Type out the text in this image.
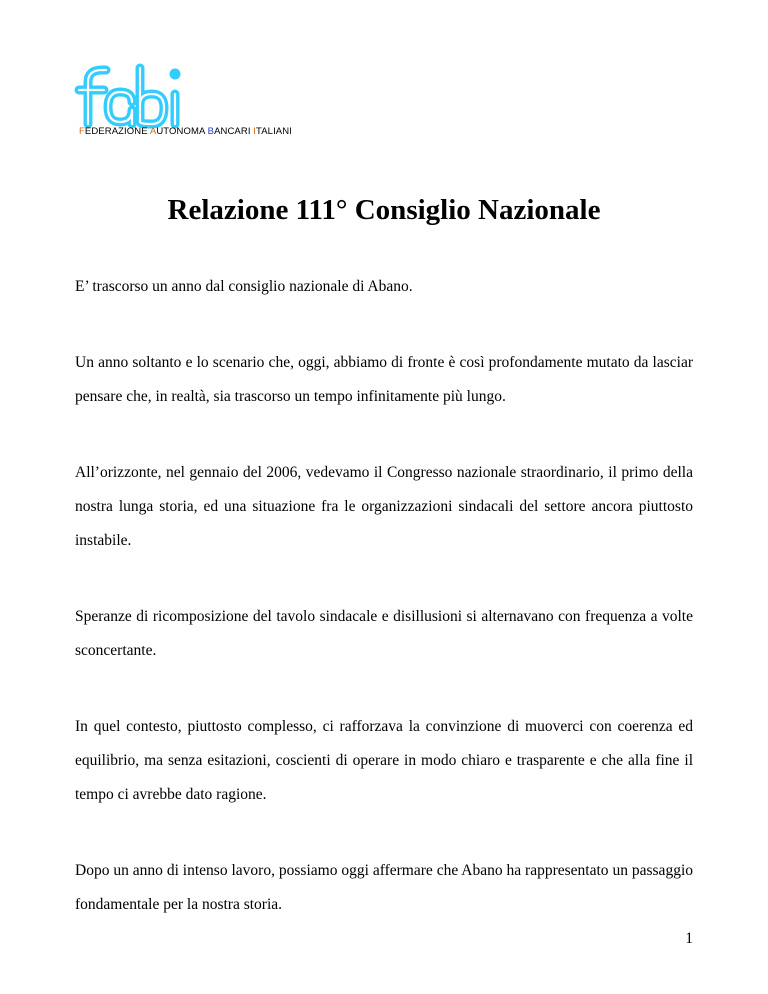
FEDERAZIONE AUTONOMA BANCARI ITALIANI
Relazione 111° Consiglio Nazionale

E’ trascorso un anno dal consiglio nazionale di Abano.

Un anno soltanto e lo scenario che, oggi, abbiamo di fronte è così profondamente mutato da lasciar pensare che, in realtà, sia trascorso un tempo infinitamente più lungo.

All’orizzonte, nel gennaio del 2006, vedevamo il Congresso nazionale straordinario, il primo della nostra lunga storia, ed una situazione fra le organizzazioni sindacali del settore ancora piuttosto instabile.

Speranze di ricomposizione del tavolo sindacale e disillusioni si alternavano con frequenza a volte sconcertante.

In quel contesto, piuttosto complesso, ci rafforzava la convinzione di muoverci con coerenza ed equilibrio, ma senza esitazioni, coscienti di operare in modo chiaro e trasparente e che alla fine il tempo ci avrebbe dato ragione.

Dopo un anno di intenso lavoro, possiamo oggi affermare che Abano ha rappresentato un passaggio fondamentale per la nostra storia.

1
